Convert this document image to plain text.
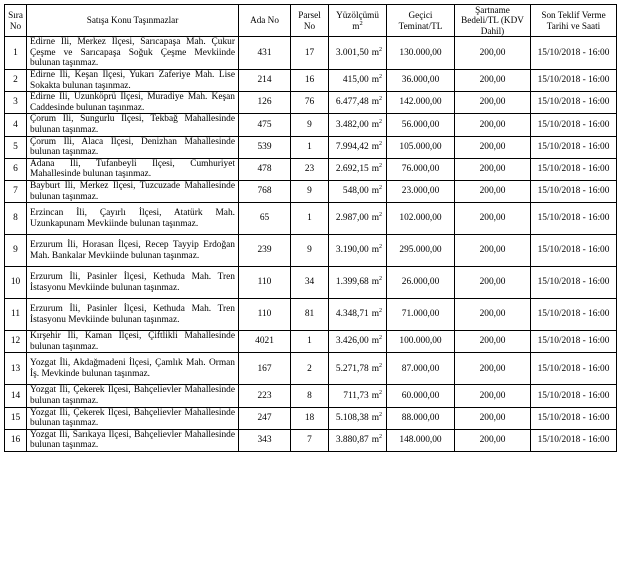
Sıra No	Satışa Konu Taşınmazlar	Ada No	Parsel No	Yüzölçümü $m^2$	Geçici Teminat/TL	Şartname Bedeli/TL (KDV Dahil)	Son Teklif Verme Tarihi ve Saati
1	Edirne İli, Merkez İlçesi, Sarıcapaşa Mah. Çukur Çeşme ve Sarıcapaşa Soğuk Çeşme Mevkiinde bulunan taşınmaz.	431	17	3.001,50 $m^2$	130.000,00	200,00	15/10/2018 - 16:00
2	Edirne İli, Keşan İlçesi, Yukarı Zaferiye Mah. Lise Sokakta bulunan taşınmaz.	214	16	415,00 $m^2$	36.000,00	200,00	15/10/2018 - 16:00
3	Edirne İli, Uzunköprü İlçesi, Muradiye Mah. Keşan Caddesinde bulunan taşınmaz.	126	76	6.477,48 $m^2$	142.000,00	200,00	15/10/2018 - 16:00
4	Çorum İli, Sungurlu İlçesi, Tekbağ Mahallesinde bulunan taşınmaz.	475	9	3.482,00 $m^2$	56.000,00	200,00	15/10/2018 - 16:00
5	Çorum İli, Alaca İlçesi, Denizhan Mahallesinde bulunan taşınmaz.	539	1	7.994,42 $m^2$	105.000,00	200,00	15/10/2018 - 16:00
6	Adana İli, Tufanbeyli İlçesi, Cumhuriyet Mahallesinde bulunan taşınmaz.	478	23	2.692,15 $m^2$	76.000,00	200,00	15/10/2018 - 16:00
7	Bayburt İli, Merkez İlçesi, Tuzcuzade Mahallesinde bulunan taşınmaz.	768	9	548,00 $m^2$	23.000,00	200,00	15/10/2018 - 16:00
8	Erzincan İli, Çayırlı İlçesi, Atatürk Mah. Uzunkapunam Mevkiinde bulunan taşınmaz.	65	1	2.987,00 $m^2$	102.000,00	200,00	15/10/2018 - 16:00
9	Erzurum İli, Horasan İlçesi, Recep Tayyip Erdoğan Mah. Bankalar Mevkiinde bulunan taşınmaz.	239	9	3.190,00 $m^2$	295.000,00	200,00	15/10/2018 - 16:00
10	Erzurum İli, Pasinler İlçesi, Kethuda Mah. Tren İstasyonu Mevkiinde bulunan taşınmaz.	110	34	1.399,68 $m^2$	26.000,00	200,00	15/10/2018 - 16:00
11	Erzurum İli, Pasinler İlçesi, Kethuda Mah. Tren İstasyonu Mevkiinde bulunan taşınmaz.	110	81	4.348,71 $m^2$	71.000,00	200,00	15/10/2018 - 16:00
12	Kırşehir İli, Kaman İlçesi, Çiftlikli Mahallesinde bulunan taşınmaz.	4021	1	3.426,00 $m^2$	100.000,00	200,00	15/10/2018 - 16:00
13	Yozgat İli, Akdağmadeni İlçesi, Çamlık Mah. Orman İş. Mevkinde bulunan taşınmaz.	167	2	5.271,78 $m^2$	87.000,00	200,00	15/10/2018 - 16:00
14	Yozgat İli, Çekerek İlçesi, Bahçelievler Mahallesinde bulunan taşınmaz.	223	8	711,73 $m^2$	60.000,00	200,00	15/10/2018 - 16:00
15	Yozgat İli, Çekerek İlçesi, Bahçelievler Mahallesinde bulunan taşınmaz.	247	18	5.108,38 $m^2$	88.000,00	200,00	15/10/2018 - 16:00
16	Yozgat İli, Sarıkaya İlçesi, Bahçelievler Mahallesinde bulunan taşınmaz.	343	7	3.880,87 $m^2$	148.000,00	200,00	15/10/2018 - 16:00
